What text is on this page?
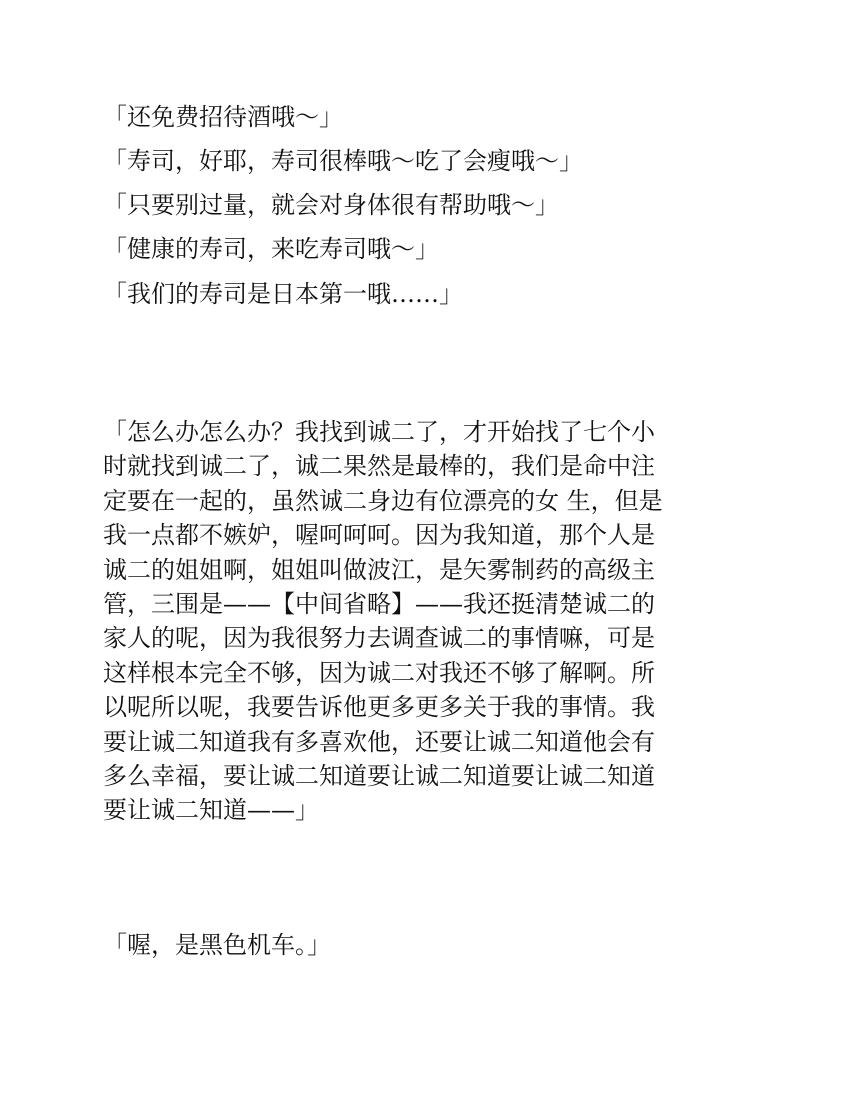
「还免费招待酒哦～」
「寿司，好耶，寿司很棒哦～吃了会瘦哦～」
「只要别过量，就会对身体很有帮助哦～」
「健康的寿司，来吃寿司哦～」
「我们的寿司是日本第一哦……」
「怎么办怎么办？我找到诚二了，才开始找了七个小
时就找到诚二了，诚二果然是最棒的，我们是命中注
定要在一起的，虽然诚二身边有位漂亮的女 生，但是
我一点都不嫉妒，喔呵呵呵。因为我知道，那个人是
诚二的姐姐啊，姐姐叫做波江，是矢雾制药的高级主
管，三围是——【中间省略】——我还挺清楚诚二的
家人的呢，因为我很努力去调查诚二的事情嘛，可是
这样根本完全不够，因为诚二对我还不够了解啊。所
以呢所以呢，我要告诉他更多更多关于我的事情。我
要让诚二知道我有多喜欢他，还要让诚二知道他会有
多么幸福，要让诚二知道要让诚二知道要让诚二知道
要让诚二知道——」
「喔，是黑色机车。」
